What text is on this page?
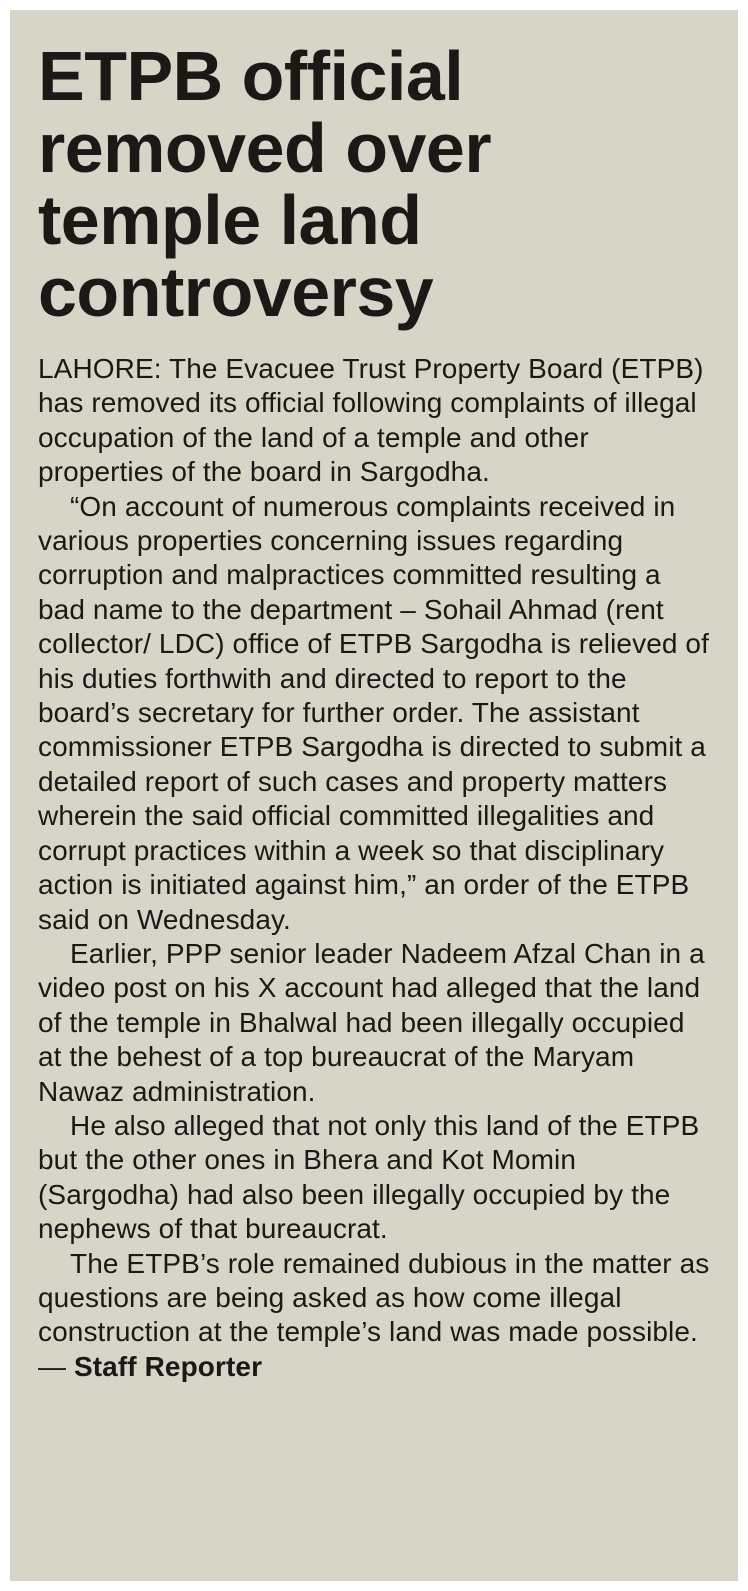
ETPB official
removed over
temple land
controversy

LAHORE: The Evacuee Trust Property Board (ETPB) has removed its official following complaints of illegal occupation of the land of a temple and other properties of the board in Sargodha.

“On account of numerous complaints received in various properties concerning issues regarding corruption and malpractices committed resulting a bad name to the department – Sohail Ahmad (rent collector/ LDC) office of ETPB Sargodha is relieved of his duties forthwith and directed to report to the board’s secretary for further order. The assistant commissioner ETPB Sargodha is directed to submit a detailed report of such cases and property matters wherein the said official committed illegalities and corrupt practices within a week so that disciplinary action is initiated against him,” an order of the ETPB said on Wednesday.

Earlier, PPP senior leader Nadeem Afzal Chan in a video post on his X account had alleged that the land of the temple in Bhalwal had been illegally occupied at the behest of a top bureaucrat of the Maryam Nawaz administration.

He also alleged that not only this land of the ETPB but the other ones in Bhera and Kot Momin (Sargodha) had also been illegally occupied by the nephews of that bureaucrat.

The ETPB’s role remained dubious in the matter as questions are being asked as how come illegal construction at the temple’s land was made possible. — Staff Reporter
